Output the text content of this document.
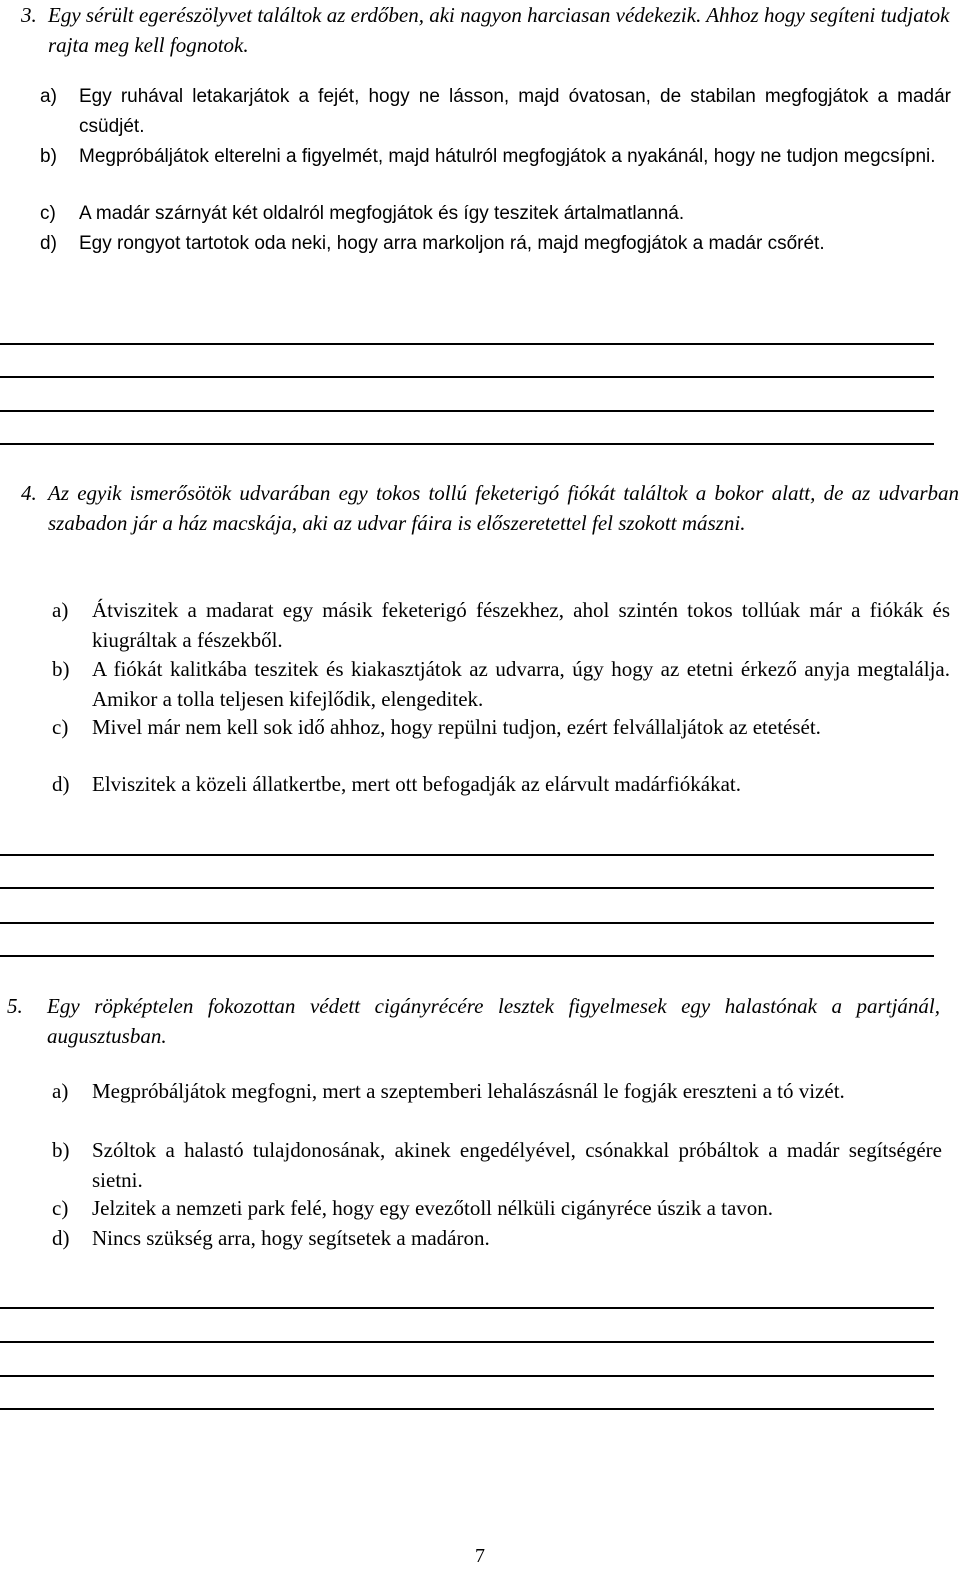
3. Egy sérült egerészölyvet találtok az erdőben, aki nagyon harciasan védekezik. Ahhoz hogy segíteni tudjatok rajta meg kell fognotok.
a) Egy ruhával letakarjátok a fejét, hogy ne lásson, majd óvatosan, de stabilan megfogjátok a madár csüdjét.
b) Megpróbáljátok elterelni a figyelmét, majd hátulról megfogjátok a nyakánál, hogy ne tudjon megcsípni.
c) A madár szárnyát két oldalról megfogjátok és így teszitek ártalmatlanná.
d) Egy rongyot tartotok oda neki, hogy arra markoljon rá, majd megfogjátok a madár csőrét.
4. Az egyik ismerősötök udvarában egy tokos tollú feketerigó fiókát találtok a bokor alatt, de az udvarban szabadon jár a ház macskája, aki az udvar fáira is előszeretettel fel szokott mászni.
a) Átviszitek a madarat egy másik feketerigó fészekhez, ahol szintén tokos tollúak már a fiókák és kiugráltak a fészekből.
b) A fiókát kalitkába teszitek és kiakasztjátok az udvarra, úgy hogy az etetni érkező anyja megtalálja. Amikor a tolla teljesen kifejlődik, elengeditek.
c) Mivel már nem kell sok idő ahhoz, hogy repülni tudjon, ezért felvállaljátok az etetését.
d) Elviszitek a közeli állatkertbe, mert ott befogadják az elárvult madárfiókákat.
5. Egy röpképtelen fokozottan védett cigányrécére lesztek figyelmesek egy halastónak a partjánál, augusztusban.
a) Megpróbáljátok megfogni, mert a szeptemberi lehalászásnál le fogják ereszteni a tó vizét.
b) Szóltok a halastó tulajdonosának, akinek engedélyével, csónakkal próbáltok a madár segítségére sietni.
c) Jelzitek a nemzeti park felé, hogy egy evezőtoll nélküli cigányréce úszik a tavon.
d) Nincs szükség arra, hogy segítsetek a madáron.
7
